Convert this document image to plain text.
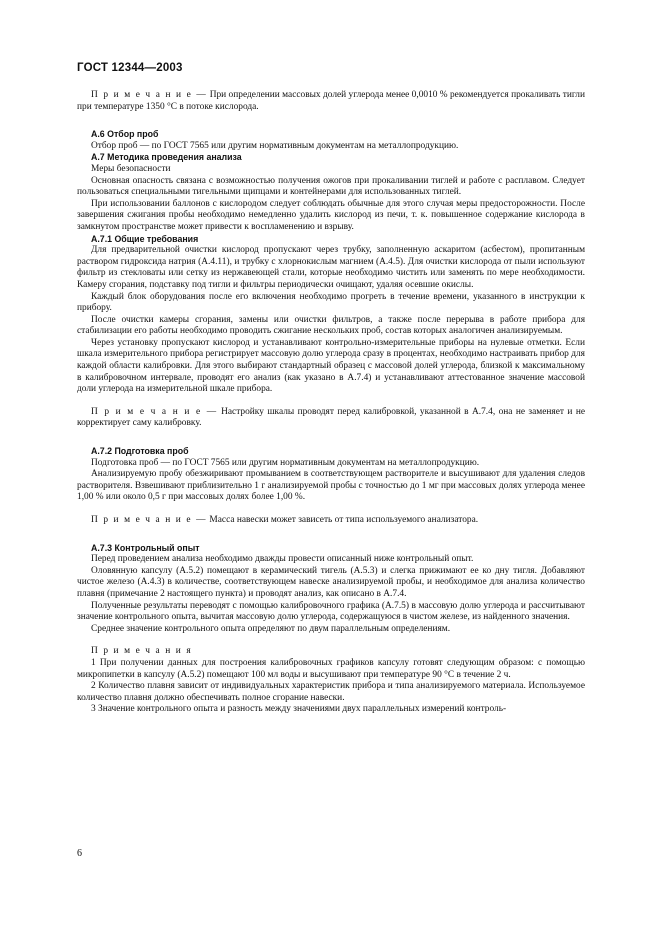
ГОСТ 12344—2003

П р и м е ч а н и е — При определении массовых долей углерода менее 0,0010 % рекомендуется прокаливать тигли при температуре 1350 °С в потоке кислорода.

А.6 Отбор проб

Отбор проб — по ГОСТ 7565 или другим нормативным документам на металлопродукцию.

А.7 Методика проведения анализа

Меры безопасности

Основная опасность связана с возможностью получения ожогов при прокаливании тиглей и работе с расплавом. Следует пользоваться специальными тигельными щипцами и контейнерами для использованных тиглей.

При использовании баллонов с кислородом следует соблюдать обычные для этого случая меры предосторожности. После завершения сжигания пробы необходимо немедленно удалить кислород из печи, т. к. повышенное содержание кислорода в замкнутом пространстве может привести к воспламенению и взрыву.

А.7.1 Общие требования

Для предварительной очистки кислород пропускают через трубку, заполненную аскаритом (асбестом), пропитанным раствором гидроксида натрия (А.4.11), и трубку с хлорнокислым магнием (А.4.5). Для очистки кислорода от пыли используют фильтр из стекловаты или сетку из нержавеющей стали, которые необходимо чистить или заменять по мере необходимости. Камеру сгорания, подставку под тигли и фильтры периодически очищают, удаляя осевшие окислы.

Каждый блок оборудования после его включения необходимо прогреть в течение времени, указанного в инструкции к прибору.

После очистки камеры сгорания, замены или очистки фильтров, а также после перерыва в работе прибора для стабилизации его работы необходимо проводить сжигание нескольких проб, состав которых аналогичен анализируемым.

Через установку пропускают кислород и устанавливают контрольно-измерительные приборы на нулевые отметки. Если шкала измерительного прибора регистрирует массовую долю углерода сразу в процентах, необходимо настраивать прибор для каждой области калибровки. Для этого выбирают стандартный образец с массовой долей углерода, близкой к максимальному в калибровочном интервале, проводят его анализ (как указано в А.7.4) и устанавливают аттестованное значение массовой доли углерода на измерительной шкале прибора.

П р и м е ч а н и е — Настройку шкалы проводят перед калибровкой, указанной в А.7.4, она не заменяет и не корректирует саму калибровку.

А.7.2 Подготовка проб

Подготовка проб — по ГОСТ 7565 или другим нормативным документам на металлопродукцию.

Анализируемую пробу обезжиривают промыванием в соответствующем растворителе и высушивают для удаления следов растворителя. Взвешивают приблизительно 1 г анализируемой пробы с точностью до 1 мг при массовых долях углерода менее 1,00 % или около 0,5 г при массовых долях более 1,00 %.

П р и м е ч а н и е — Масса навески может зависеть от типа используемого анализатора.

А.7.3 Контрольный опыт

Перед проведением анализа необходимо дважды провести описанный ниже контрольный опыт.

Оловянную капсулу (А.5.2) помещают в керамический тигель (А.5.3) и слегка прижимают ее ко дну тигля. Добавляют чистое железо (А.4.3) в количестве, соответствующем навеске анализируемой пробы, и необходимое для анализа количество плавня (примечание 2 настоящего пункта) и проводят анализ, как описано в А.7.4.

Полученные результаты переводят с помощью калибровочного графика (А.7.5) в массовую долю углерода и рассчитывают значение контрольного опыта, вычитая массовую долю углерода, содержащуюся в чистом железе, из найденного значения.

Среднее значение контрольного опыта определяют по двум параллельным определениям.

П р и м е ч а н и я

1 При получении данных для построения калибровочных графиков капсулу готовят следующим образом: с помощью микропипетки в капсулу (А.5.2) помещают 100 мл воды и высушивают при температуре 90 °С в течение 2 ч.

2 Количество плавня зависит от индивидуальных характеристик прибора и типа анализируемого материала. Используемое количество плавня должно обеспечивать полное сгорание навески.

3 Значение контрольного опыта и разность между значениями двух параллельных измерений контроль-

6
